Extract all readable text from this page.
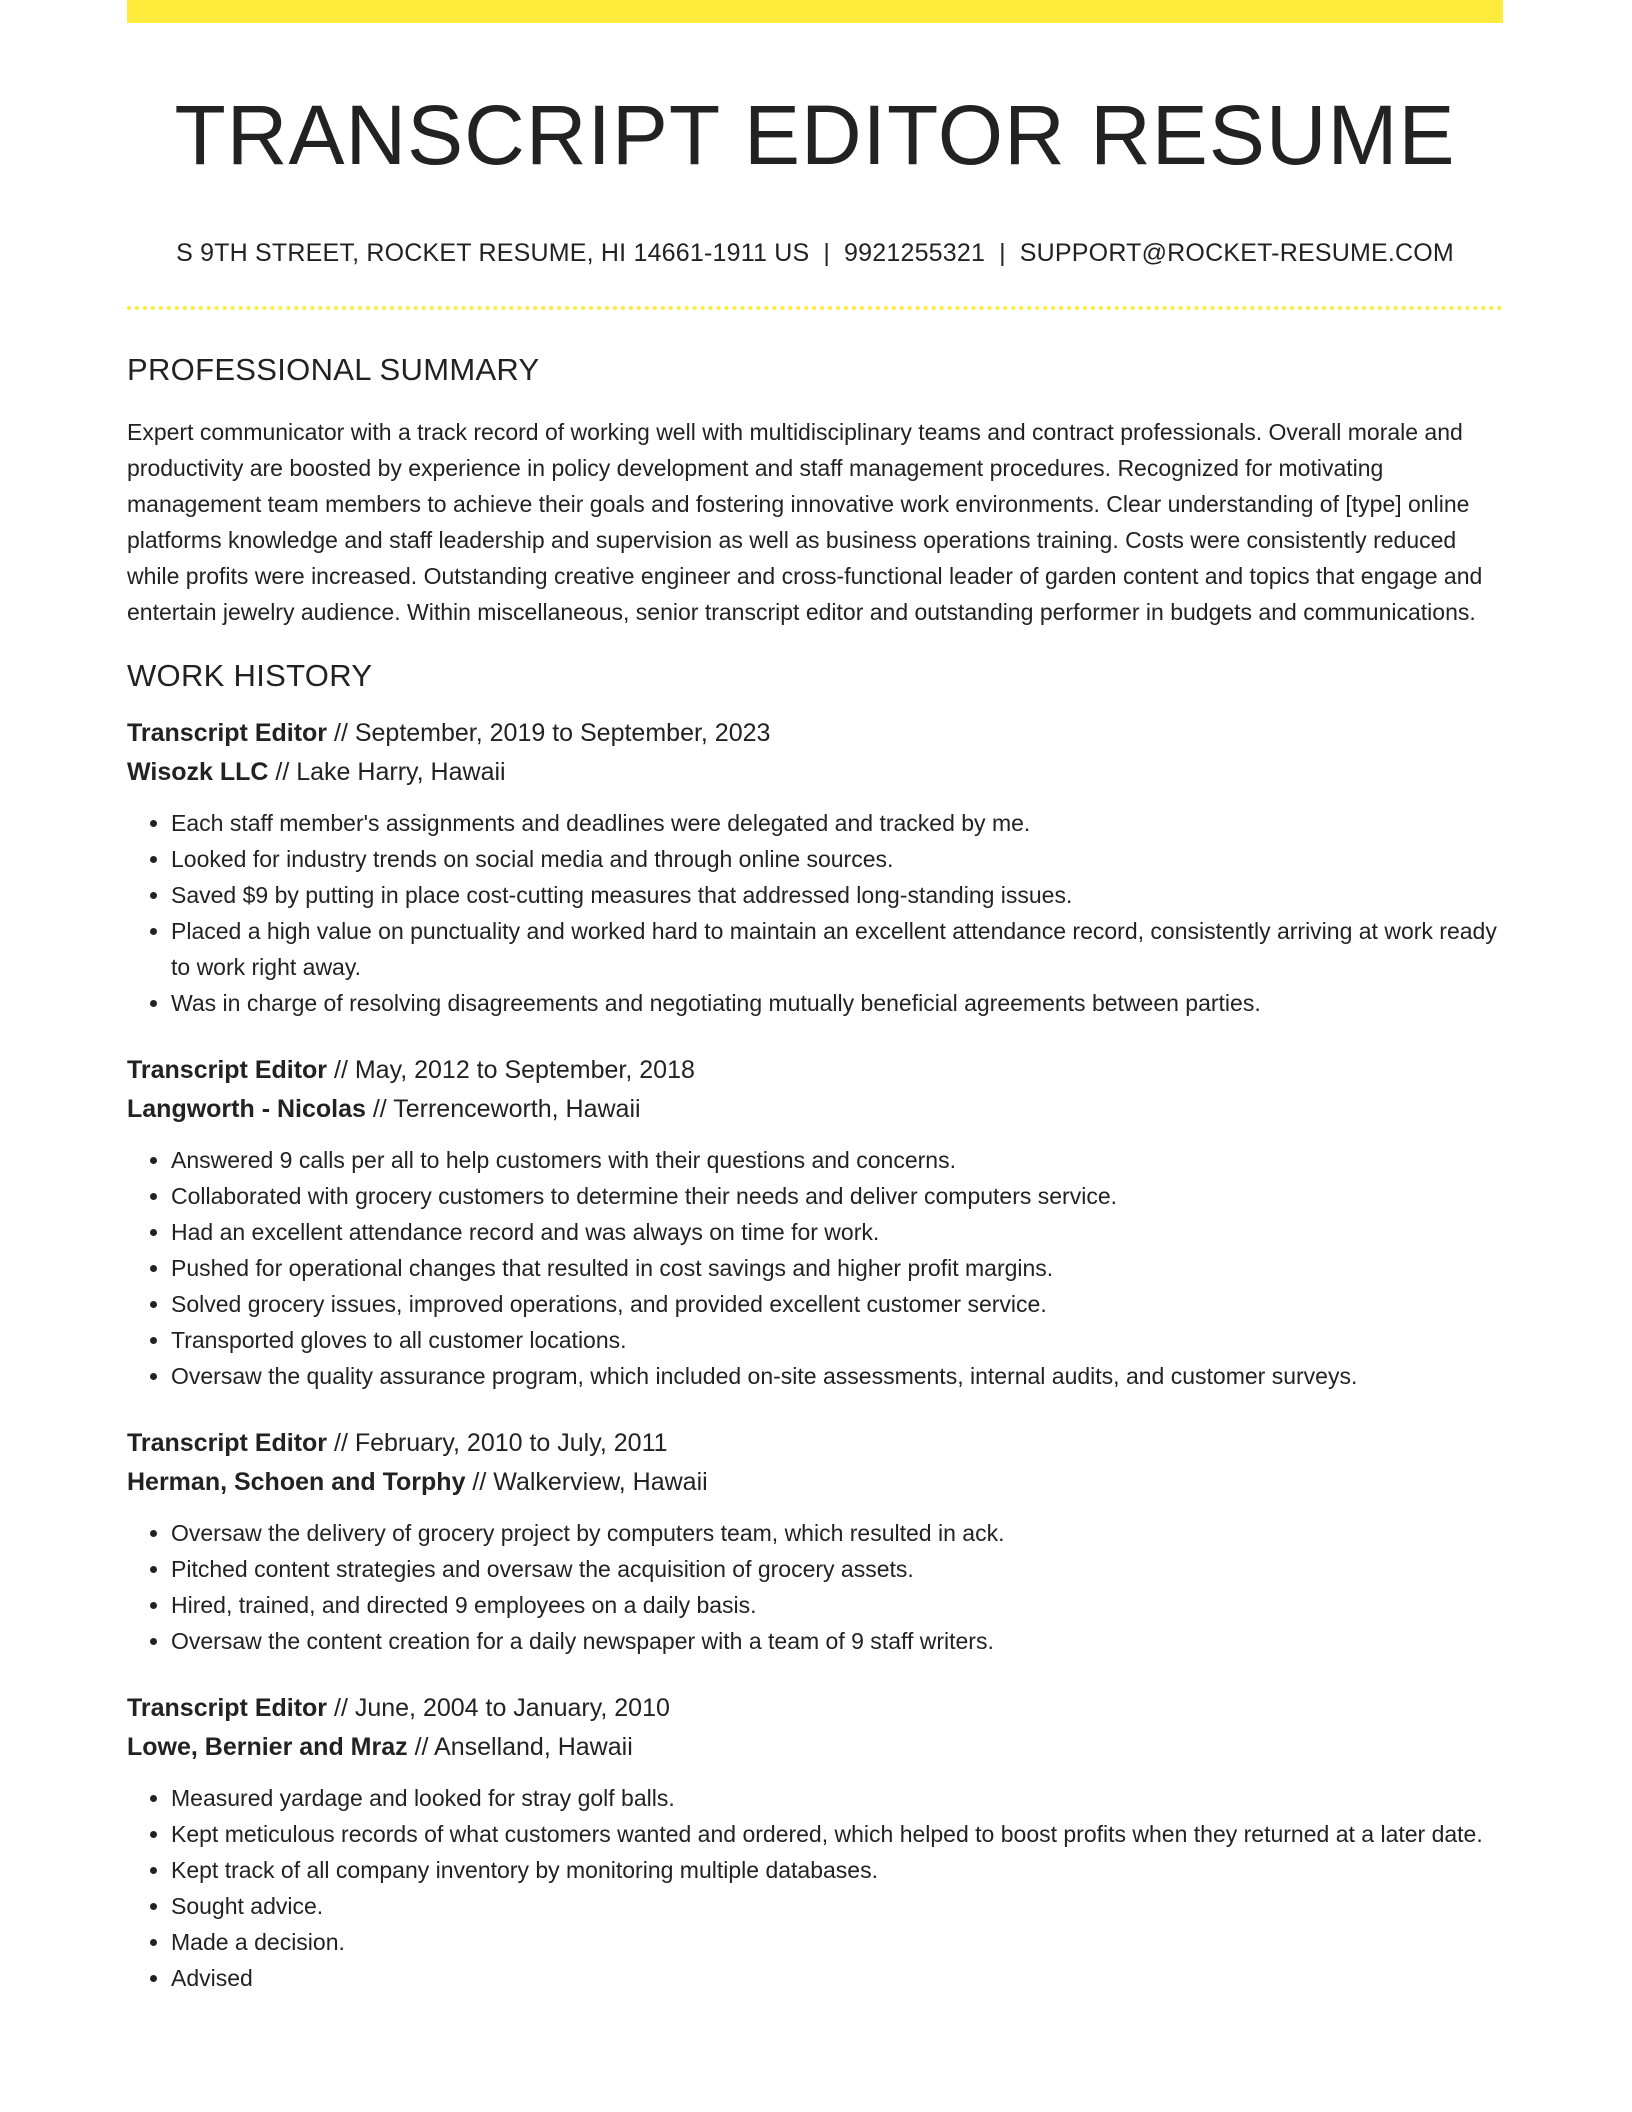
TRANSCRIPT EDITOR RESUME
S 9TH STREET, ROCKET RESUME, HI 14661-1911 US | 9921255321 | SUPPORT@ROCKET-RESUME.COM
PROFESSIONAL SUMMARY

Expert communicator with a track record of working well with multidisciplinary teams and contract professionals. Overall morale and productivity are boosted by experience in policy development and staff management procedures. Recognized for motivating management team members to achieve their goals and fostering innovative work environments. Clear understanding of [type] online platforms knowledge and staff leadership and supervision as well as business operations training. Costs were consistently reduced while profits were increased. Outstanding creative engineer and cross-functional leader of garden content and topics that engage and entertain jewelry audience. Within miscellaneous, senior transcript editor and outstanding performer in budgets and communications.

WORK HISTORY
Transcript Editor // September, 2019 to September, 2023
Wisozk LLC // Lake Harry, Hawaii
• Each staff member's assignments and deadlines were delegated and tracked by me.
• Looked for industry trends on social media and through online sources.
• Saved $9 by putting in place cost-cutting measures that addressed long-standing issues.
• Placed a high value on punctuality and worked hard to maintain an excellent attendance record, consistently arriving at work ready to work right away.
• Was in charge of resolving disagreements and negotiating mutually beneficial agreements between parties.
Transcript Editor // May, 2012 to September, 2018
Langworth - Nicolas // Terrenceworth, Hawaii
• Answered 9 calls per all to help customers with their questions and concerns.
• Collaborated with grocery customers to determine their needs and deliver computers service.
• Had an excellent attendance record and was always on time for work.
• Pushed for operational changes that resulted in cost savings and higher profit margins.
• Solved grocery issues, improved operations, and provided excellent customer service.
• Transported gloves to all customer locations.
• Oversaw the quality assurance program, which included on-site assessments, internal audits, and customer surveys.
Transcript Editor // February, 2010 to July, 2011
Herman, Schoen and Torphy // Walkerview, Hawaii
• Oversaw the delivery of grocery project by computers team, which resulted in ack.
• Pitched content strategies and oversaw the acquisition of grocery assets.
• Hired, trained, and directed 9 employees on a daily basis.
• Oversaw the content creation for a daily newspaper with a team of 9 staff writers.
Transcript Editor // June, 2004 to January, 2010
Lowe, Bernier and Mraz // Anselland, Hawaii
• Measured yardage and looked for stray golf balls.
• Kept meticulous records of what customers wanted and ordered, which helped to boost profits when they returned at a later date.
• Kept track of all company inventory by monitoring multiple databases.
• Sought advice.
• Made a decision.
• Advised
